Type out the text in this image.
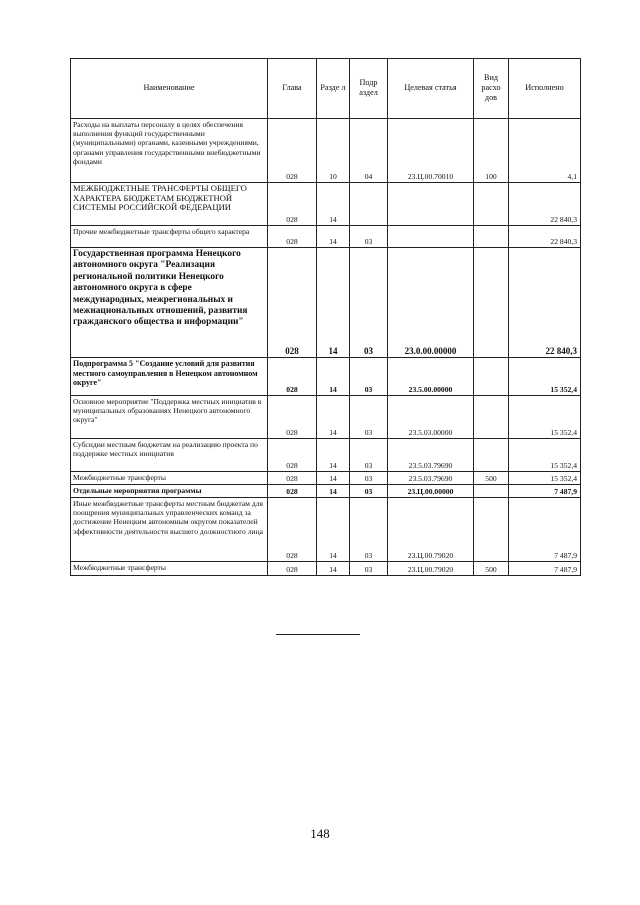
Наименование	Глава	Разде л	Подр аздел	Целевая статья	Вид расхо дов	Исполнено
Расходы на выплаты персоналу в целях обеспечения выполнения функций государственными (муниципальными) органами, казенными учреждениями, органами управления государственными внебюджетными фондами	028	10	04	23.Ц.00.70010	100	4,1
МЕЖБЮДЖЕТНЫЕ ТРАНСФЕРТЫ ОБЩЕГО ХАРАКТЕРА БЮДЖЕТАМ БЮДЖЕТНОЙ СИСТЕМЫ РОССИЙСКОЙ ФЕДЕРАЦИИ	028	14				22 840,3
Прочие межбюджетные трансферты общего характера	028	14	03			22 840,3
Государственная программа Ненецкого автономного округа "Реализация региональной политики Ненецкого автономного округа в сфере международных, межрегиональных и межнациональных отношений, развития гражданского общества и информации"	028	14	03	23.0.00.00000		22 840,3
Подпрограмма 5 "Создание условий для развития местного самоуправления в Ненецком автономном округе"	028	14	03	23.5.00.00000		15 352,4
Основное мероприятие "Поддержка местных инициатив в муниципальных образованиях Ненецкого автономного округа"	028	14	03	23.5.03.00000		15 352,4
Субсидии местным бюджетам на реализацию проекта по поддержке местных инициатив	028	14	03	23.5.03.79690		15 352,4
Межбюджетные трансферты	028	14	03	23.5.03.79690	500	15 352,4
Отдельные мероприятия программы	028	14	03	23.Ц.00.00000		7 487,9
Иные межбюджетные трансферты местным бюджетам для поощрения муниципальных управленческих команд за достижение Ненецким автономным округом показателей эффективности деятельности высшего должностного лица	028	14	03	23.Ц.00.79020		7 487,9
Межбюджетные трансферты	028	14	03	23.Ц.00.79020	500	7 487,9
148
